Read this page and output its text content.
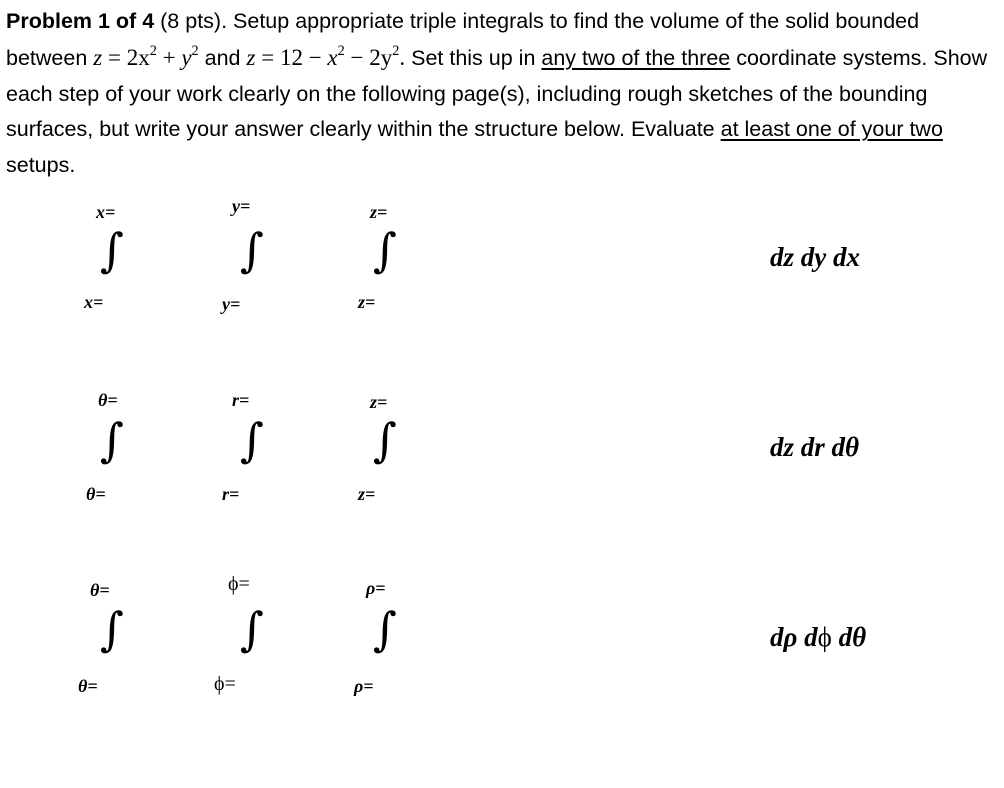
Problem 1 of 4 (8 pts). Setup appropriate triple integrals to find the volume of the solid bounded between $z = 2x^2 + y^2$ and $z = 12 - x^2 - 2y^2$. Set this up in any two of the three coordinate systems. Show each step of your work clearly on the following page(s), including rough sketches of the bounding surfaces, but write your answer clearly within the structure below. Evaluate at least one of your two setups.

x=	y=	z=
∫	∫ ∫
x=	y=	z=
dz dy dx
θ=	r=	z=
∫	∫ ∫
θ=	r=	z=
dz dr dθ
θ=	ϕ=	ρ=
∫	∫ ∫
θ=	ϕ=	ρ=
dρ dϕ dθ
